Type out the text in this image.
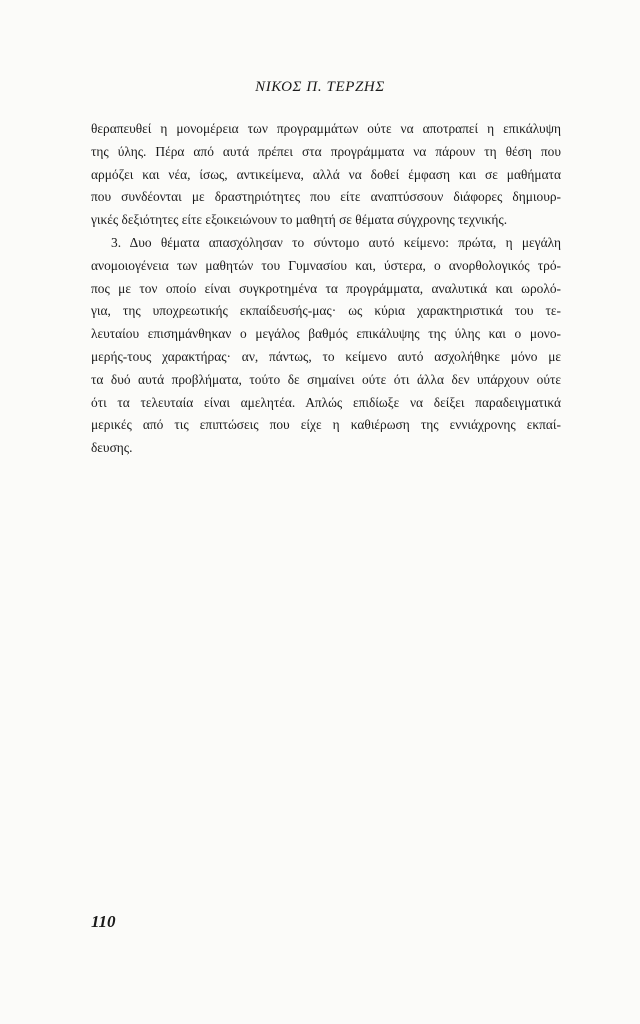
ΝΙΚΟΣ Π. ΤΕΡΖΗΣ
θεραπευθεί η μονομέρεια των προγραμμάτων ούτε να αποτραπεί η επικάλυψη
της ύλης. Πέρα από αυτά πρέπει στα προγράμματα να πάρουν τη θέση που
αρμόζει και νέα, ίσως, αντικείμενα, αλλά να δοθεί έμφαση και σε μαθήματα
που συνδέονται με δραστηριότητες που είτε αναπτύσσουν διάφορες δημιουρ-
γικές δεξιότητες είτε εξοικειώνουν το μαθητή σε θέματα σύγχρονης τεχνικής.
3. Δυο θέματα απασχόλησαν το σύντομο αυτό κείμενο: πρώτα, η μεγάλη
ανομοιογένεια των μαθητών του Γυμνασίου και, ύστερα, ο ανορθολογικός τρό-
πος με τον οποίο είναι συγκροτημένα τα προγράμματα, αναλυτικά και ωρολό-
για, της υποχρεωτικής εκπαίδευσής-μας· ως κύρια χαρακτηριστικά του τε-
λευταίου επισημάνθηκαν ο μεγάλος βαθμός επικάλυψης της ύλης και ο μονο-
μερής-τους χαρακτήρας· αν, πάντως, το κείμενο αυτό ασχολήθηκε μόνο με
τα δυό αυτά προβλήματα, τούτο δε σημαίνει ούτε ότι άλλα δεν υπάρχουν ούτε
ότι τα τελευταία είναι αμελητέα. Απλώς επιδίωξε να δείξει παραδειγματικά
μερικές από τις επιπτώσεις που είχε η καθιέρωση της εννιάχρονης εκπαί-
δευσης.
110
